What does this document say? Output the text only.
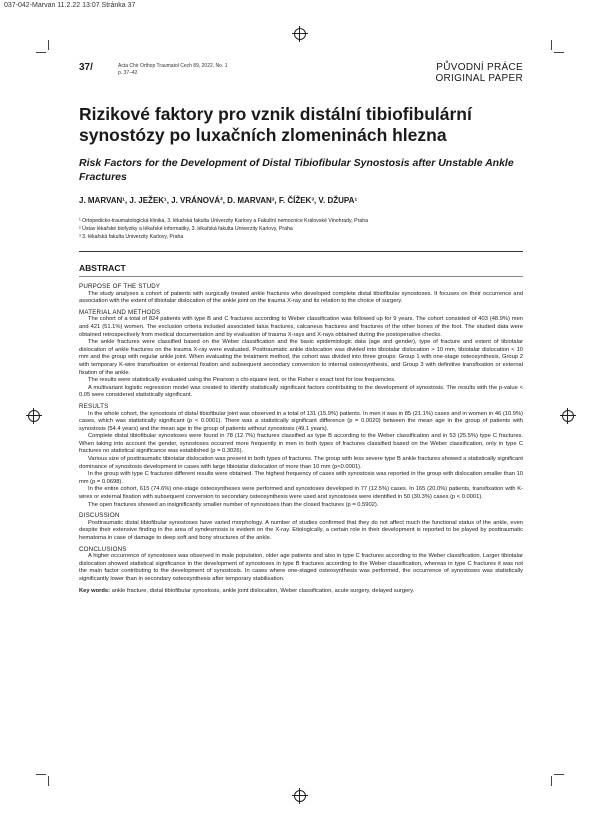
037-042-Marvan 11.2.22 13:07 Stránka 37
37/	Acta Chir Orthop Traumatol Cech 89, 2022, No. 1
p. 37–42	PŮVODNÍ PRÁCE
ORIGINAL PAPER
Rizikové faktory pro vznik distální tibiofibulární synostózy po luxačních zlomeninách hlezna
Risk Factors for the Development of Distal Tibiofibular Synostosis after Unstable Ankle Fractures
J. MARVAN¹, J. JEŽEK¹, J. VRÁNOVÁ², D. MARVAN³, F. ČÍŽEK³, V. DŽUPA¹
¹ Ortopedicko-traumatologická klinika, 3. lékařská fakulta Univerzity Karlovy a Fakultní nemocnice Královské Vinohrady, Praha
² Ústav lékařské biofyziky a lékařské informatiky, 3. lékařská fakulta Univerzity Karlovy, Praha
³ 3. lékařská fakulta Univerzity Karlovy, Praha
ABSTRACT
PURPOSE OF THE STUDY

The study analyses a cohort of patients with surgically treated ankle fractures who developed complete distal tibiofibular synostoses. It focuses on their occurrence and association with the extent of tibiotalar dislocation of the ankle joint on the trauma X-ray and its relation to the choice of surgery.

MATERIAL AND METHODS

The cohort of a total of 824 patients with type B and C fractures according to Weber classification was followed up for 9 years. The cohort consisted of 403 (48.9%) men and 421 (51.1%) women. The exclusion criteria included associated talus fractures, calcaneus fractures and fractures of the other bones of the foot. The studied data were obtained retrospectively from medical documentation and by evaluation of trauma X-rays and X-rays obtained during the postoperative checks.

The ankle fractures were classified based on the Weber classification and the basic epidemiologic data (age and gender), type of fracture and extent of tibiotalar dislocation of ankle fractures on the trauma X-ray were evaluated. Posttraumatic ankle dislocation was divided into tibiotalar dislocation > 10 mm, tibiotalar dislocation < 10 mm and the group with regular ankle joint. When evaluating the treatment method, the cohort was divided into three groups: Group 1 with one-stage osteosynthesis, Group 2 with temporary K-wire transfixation or external fixation and subsequent secondary conversion to internal osteosynthesis, and Group 3 with definitive transfixation or external fixation of the ankle.

The results were statistically evaluated using the Pearson s chi-square test, or the Fisher s exact test for low frequencies.

A multivariant logistic regression model was created to identify statistically significant factors contributing to the development of synostosis. The results with the p-value < 0.05 were considered statistically significant.

RESULTS

In the whole cohort, the synostosis of distal tibiofibular joint was observed in a total of 131 (15.9%) patients. In men it was in 85 (21.1%) cases and in women in 46 (10.9%) cases, which was statistically significant (p < 0.0001). There was a statistically significant difference (p = 0.0020) between the mean age in the group of patients with synostosis (54.4 years) and the mean age in the group of patients without synostosis (49.1 years).

Complete distal tibiofibular synostoses were found in 78 (12.7%) fractures classified as type B according to the Weber classification and in 53 (25.5%) type C fractures. When taking into account the gender, synostoses occurred more frequently in men in both types of fractures classified based on the Weber classification, only in type C fractures no statistical significance was established (p = 0.3026).

Various size of posttraumatic tibiotalar dislocation was present in both types of fractures. The group with less severe type B ankle fractures showed a statistically significant dominance of synostosis development in cases with large tibiotalar dislocation of more than 10 mm (p<0.0001).

In the group with type C fractures different results were obtained. The highest frequency of cases with synostosis was reported in the group with dislocation smaller than 10 mm (p = 0.0698).

In the entire cohort, 615 (74.6%) one-stage osteosyntheses were performed and synostoses developed in 77 (12.5%) cases. In 165 (20.0%) patients, transfixation with K-wires or external fixation with subsequent conversion to secondary osteosynthesis were used and synostoses were identified in 50 (30.3%) cases (p < 0.0001).

The open fractures showed an insignificantly smaller number of synostoses than the closed fractures (p = 0.5902).

DISCUSSION

Posttraumatic distal tibiofibular synostoses have varied morphology. A number of studies confirmed that they do not affect much the functional status of the ankle, even despite their extensive finding in the area of syndesmosis is evident on the X-ray. Etiologically, a certain role in their development is reported to be played by posttraumatic hematoma in case of damage to deep soft and bony structures of the ankle.

CONCLUSIONS

A higher occurrence of synostoses was observed in male population, older age patients and also in type C fractures according to the Weber classification. Larger tibiotalar dislocation showed statistical significance in the development of synostoses in type B fractures according to the Weber classification, whereas in type C fractures it was not the main factor contributing to the development of synostosis. In cases where one-staged osteosynthesis was performed, the occurrence of synostoses was statistically significantly lower than in secondary osteosynthesis after temporary stabilisation.

Key words: ankle fracture, distal tibiofibular synostosis, ankle joint dislocation, Weber classification, acute surgery, delayed surgery.
